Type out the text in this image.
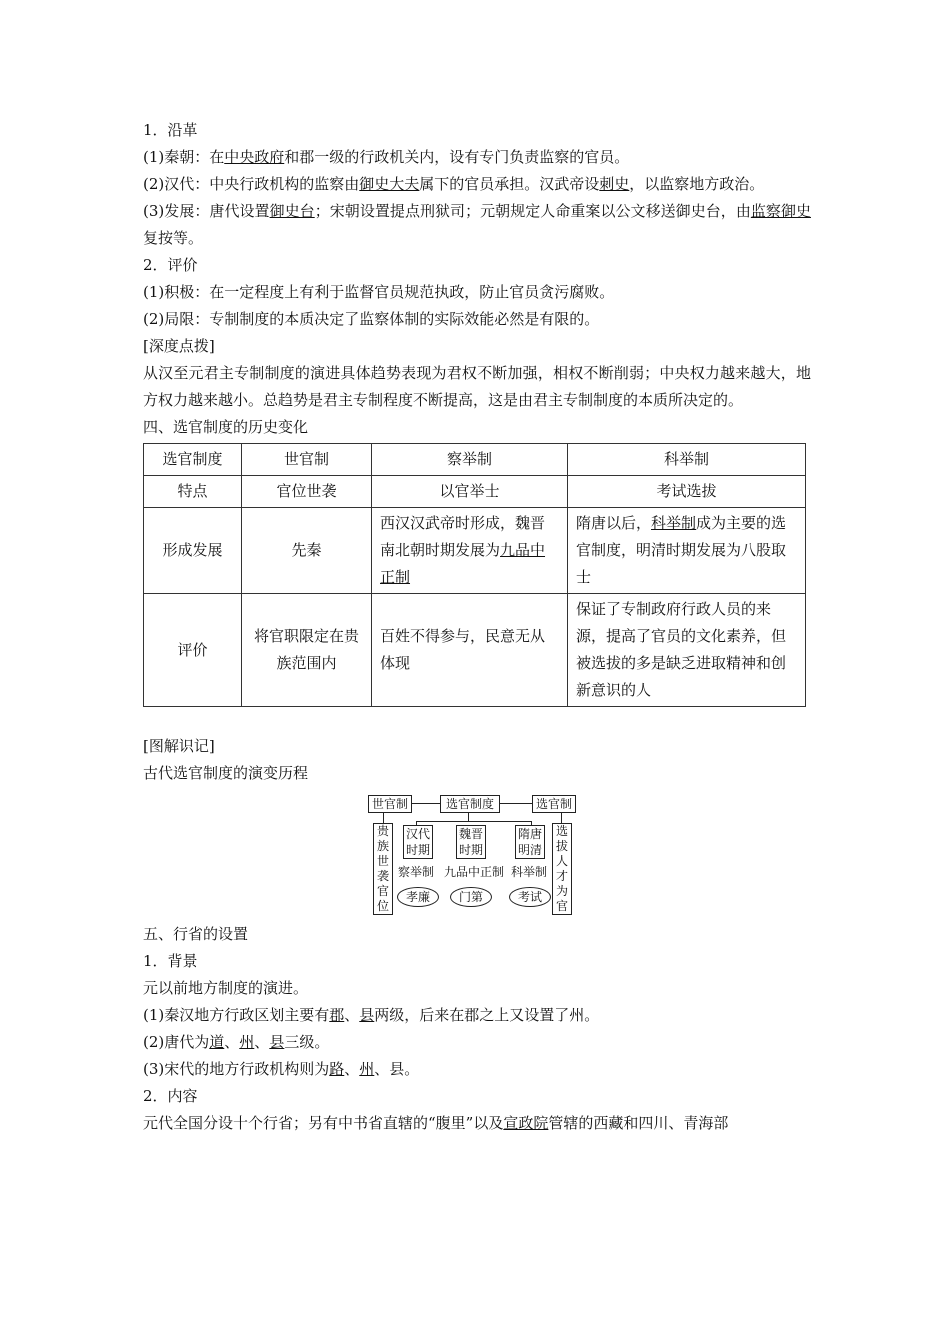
1．沿革
(1)秦朝：在中央政府和郡一级的行政机关内，设有专门负责监察的官员。
(2)汉代：中央行政机构的监察由御史大夫属下的官员承担。汉武帝设刺史，以监察地方政治。
(3)发展：唐代设置御史台；宋朝设置提点刑狱司；元朝规定人命重案以公文移送御史台，由监察御史复按等。
2．评价
(1)积极：在一定程度上有利于监督官员规范执政，防止官员贪污腐败。
(2)局限：专制制度的本质决定了监察体制的实际效能必然是有限的。
[深度点拨]
从汉至元君主专制制度的演进具体趋势表现为君权不断加强，相权不断削弱；中央权力越来越大，地方权力越来越小。总趋势是君主专制程度不断提高，这是由君主专制制度的本质所决定的。
四、选官制度的历史变化
选官制度	世官制	察举制	科举制
特点	官位世袭	以官举士	考试选拔
形成发展	先秦	西汉汉武帝时形成，魏晋南北朝时期发展为九品中正制	隋唐以后，科举制成为主要的选官制度，明清时期发展为八股取士
评价	将官职限定在贵族范围内	百姓不得参与，民意无从体现	保证了专制政府行政人员的来源，提高了官员的文化素养，但被选拔的多是缺乏进取精神和创新意识的人
[图解识记]
古代选官制度的演变历程
世官制	选官制度	选官制
贵族世袭官位
选拔人才为官
汉代时期
魏晋时期
隋唐明清
察举制 九品中正制 科举制
孝廉	门第	考试
五、行省的设置
1．背景
元以前地方制度的演进。
(1)秦汉地方行政区划主要有郡、县两级，后来在郡之上又设置了州。
(2)唐代为道、州、县三级。
(3)宋代的地方行政机构则为路、州、县。
2．内容
元代全国分设十个行省；另有中书省直辖的“腹里”以及宣政院管辖的西藏和四川、青海部
